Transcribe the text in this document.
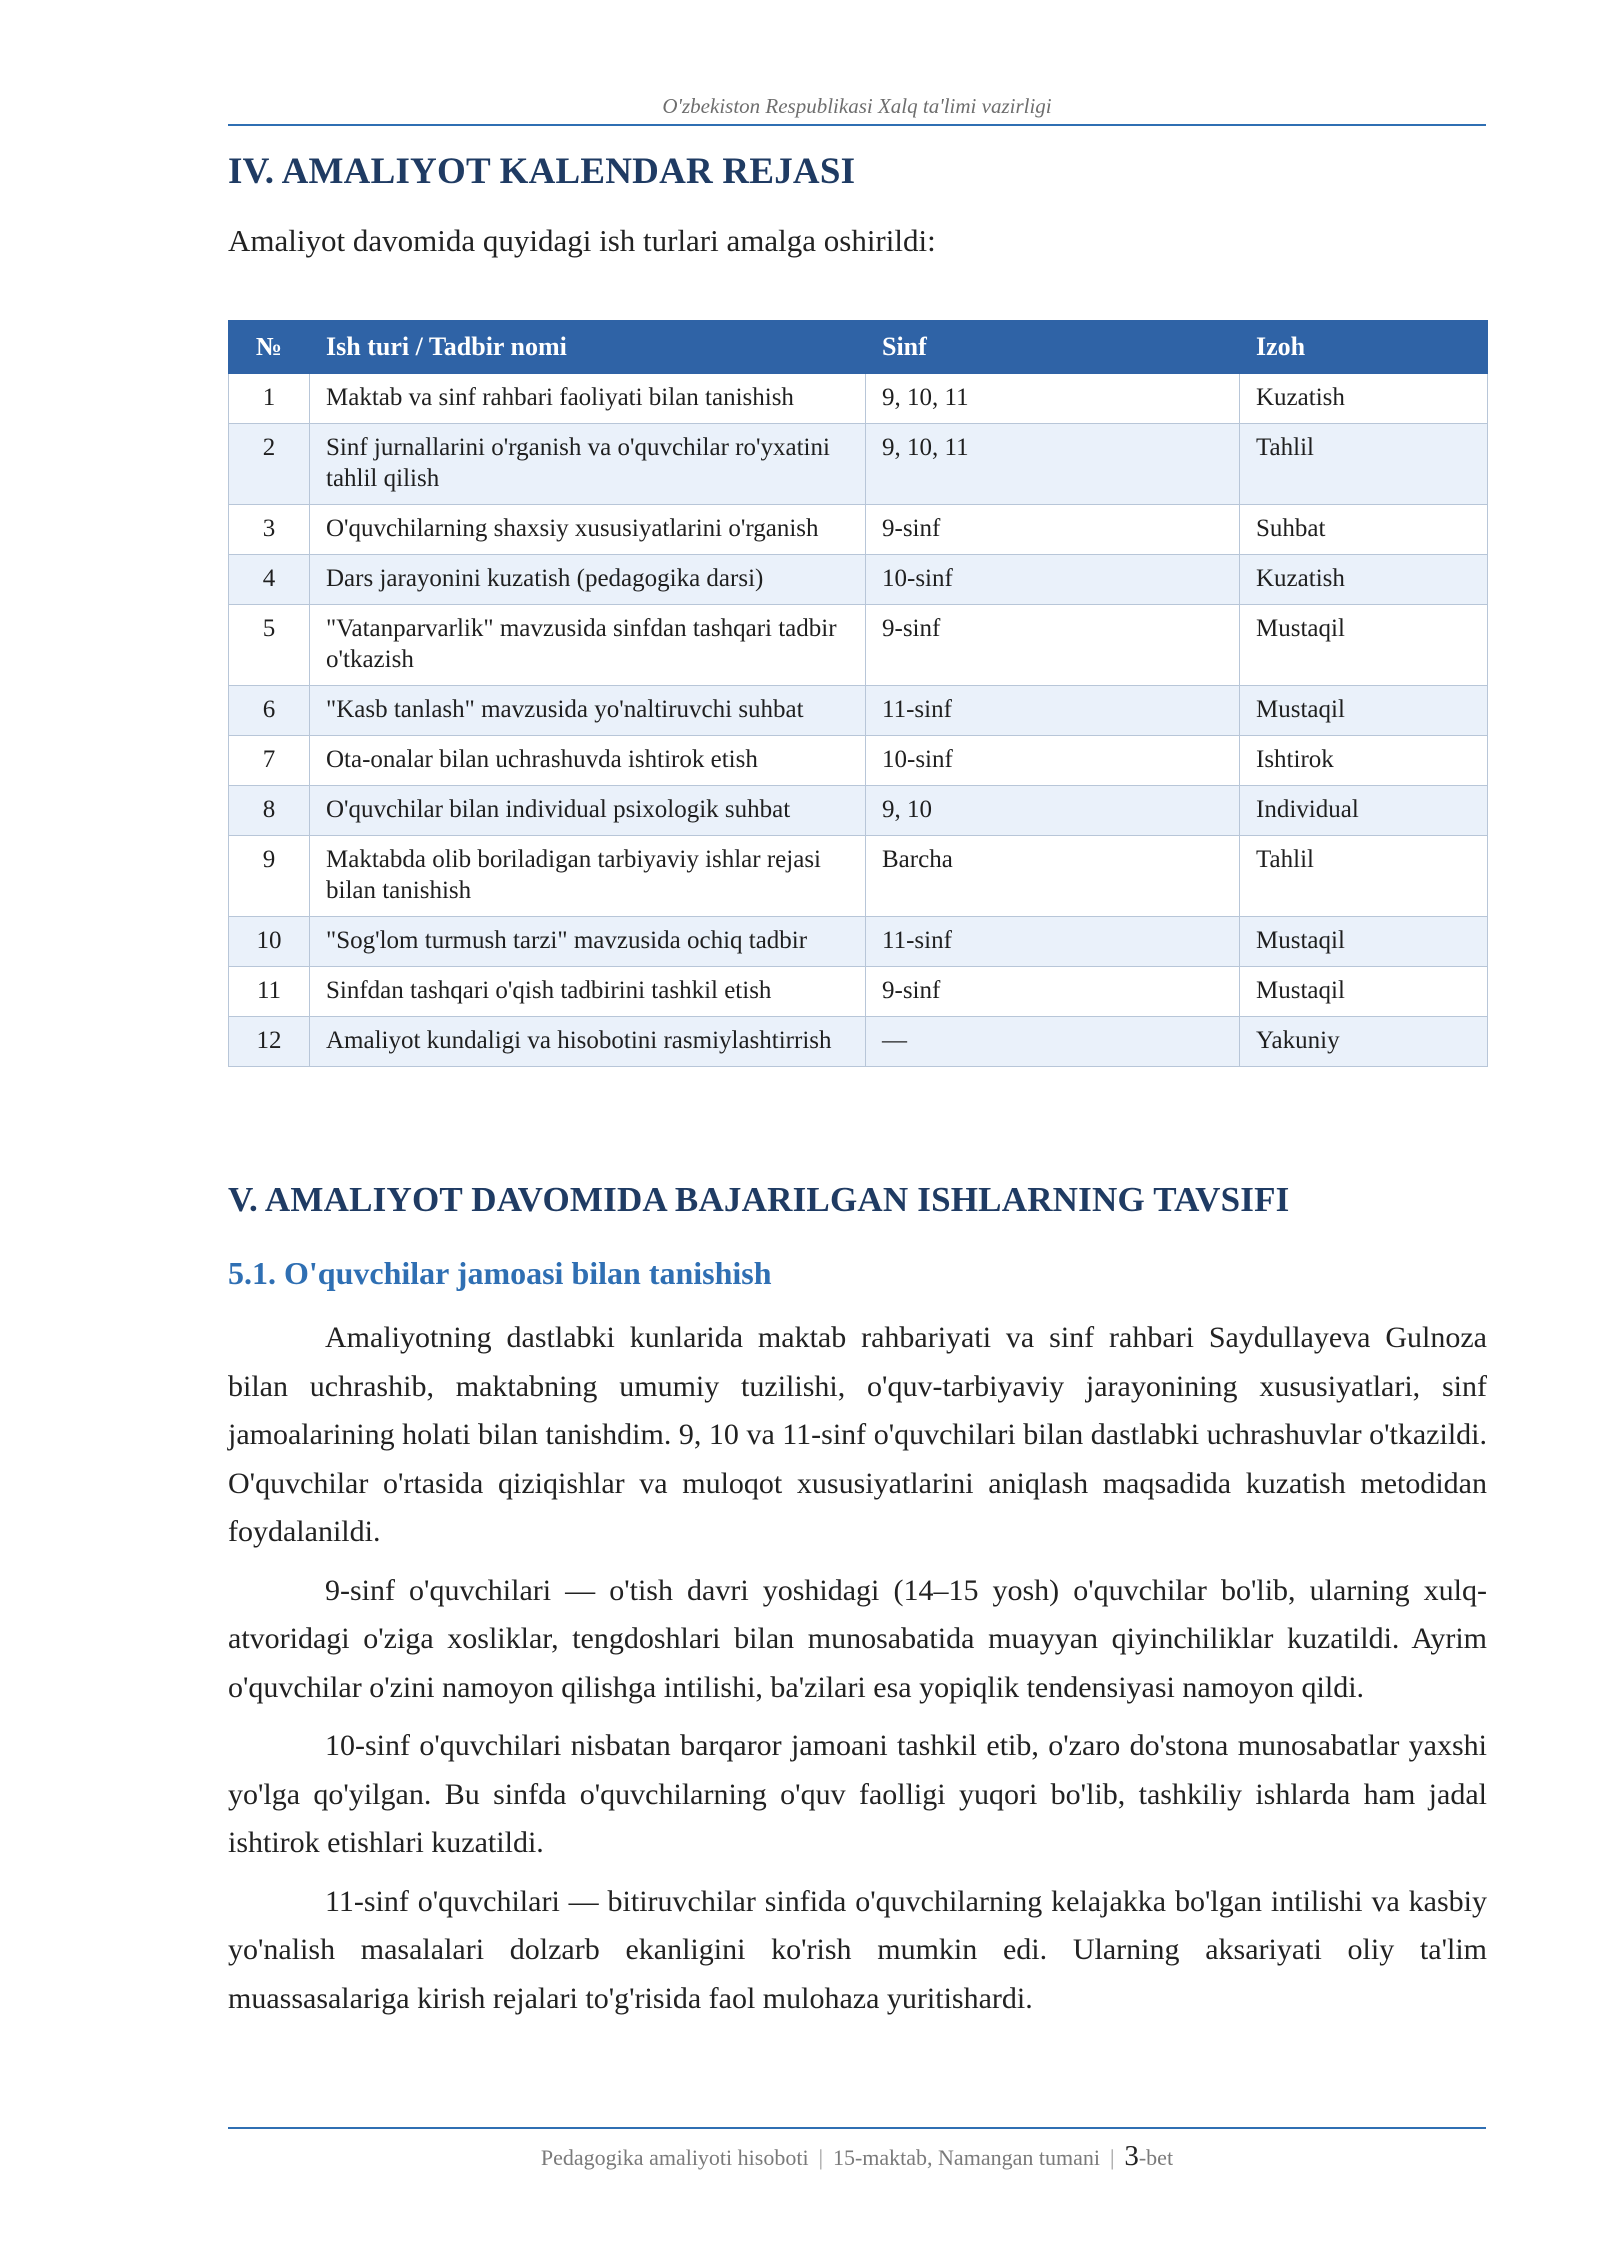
O'zbekiston Respublikasi Xalq ta'limi vazirligi
IV. AMALIYOT KALENDAR REJASI
Amaliyot davomida quyidagi ish turlari amalga oshirildi:
№	Ish turi / Tadbir nomi	Sinf	Izoh
1	Maktab va sinf rahbari faoliyati bilan tanishish	9, 10, 11	Kuzatish
2	Sinf jurnallarini o'rganish va o'quvchilar ro'yxatini tahlil qilish	9, 10, 11	Tahlil
3	O'quvchilarning shaxsiy xususiyatlarini o'rganish	9-sinf	Suhbat
4	Dars jarayonini kuzatish (pedagogika darsi)	10-sinf	Kuzatish
5	"Vatanparvarlik" mavzusida sinfdan tashqari tadbir o'tkazish	9-sinf	Mustaqil
6	"Kasb tanlash" mavzusida yo'naltiruvchi suhbat	11-sinf	Mustaqil
7	Ota-onalar bilan uchrashuvda ishtirok etish	10-sinf	Ishtirok
8	O'quvchilar bilan individual psixologik suhbat	9, 10	Individual
9	Maktabda olib boriladigan tarbiyaviy ishlar rejasi bilan tanishish	Barcha	Tahlil
10	"Sog'lom turmush tarzi" mavzusida ochiq tadbir	11-sinf	Mustaqil
11	Sinfdan tashqari o'qish tadbirini tashkil etish	9-sinf	Mustaqil
12	Amaliyot kundaligi va hisobotini rasmiylashtirrish	—	Yakuniy
V. AMALIYOT DAVOMIDA BAJARILGAN ISHLARNING TAVSIFI
5.1. O'quvchilar jamoasi bilan tanishish

Amaliyotning dastlabki kunlarida maktab rahbariyati va sinf rahbari Saydullayeva Gulnoza bilan uchrashib, maktabning umumiy tuzilishi, o'quv-tarbiyaviy jarayonining xususiyatlari, sinf jamoalarining holati bilan tanishdim. 9, 10 va 11-sinf o'quvchilari bilan dastlabki uchrashuvlar o'tkazildi. O'quvchilar o'rtasida qiziqishlar va muloqot xususiyatlarini aniqlash maqsadida kuzatish metodidan foydalanildi.

9-sinf o'quvchilari — o'tish davri yoshidagi (14–15 yosh) o'quvchilar bo'lib, ularning xulq-atvoridagi o'ziga xosliklar, tengdoshlari bilan munosabatida muayyan qiyinchiliklar kuzatildi. Ayrim o'quvchilar o'zini namoyon qilishga intilishi, ba'zilari esa yopiqlik tendensiyasi namoyon qildi.

10-sinf o'quvchilari nisbatan barqaror jamoani tashkil etib, o'zaro do'stona munosabatlar yaxshi yo'lga qo'yilgan. Bu sinfda o'quvchilarning o'quv faolligi yuqori bo'lib, tashkiliy ishlarda ham jadal ishtirok etishlari kuzatildi.

11-sinf o'quvchilari — bitiruvchilar sinfida o'quvchilarning kelajakka bo'lgan intilishi va kasbiy yo'nalish masalalari dolzarb ekanligini ko'rish mumkin edi. Ularning aksariyati oliy ta'lim muassasalariga kirish rejalari to'g'risida faol mulohaza yuritishardi.

Pedagogika amaliyoti hisoboti | 15-maktab, Namangan tumani | 3-bet
